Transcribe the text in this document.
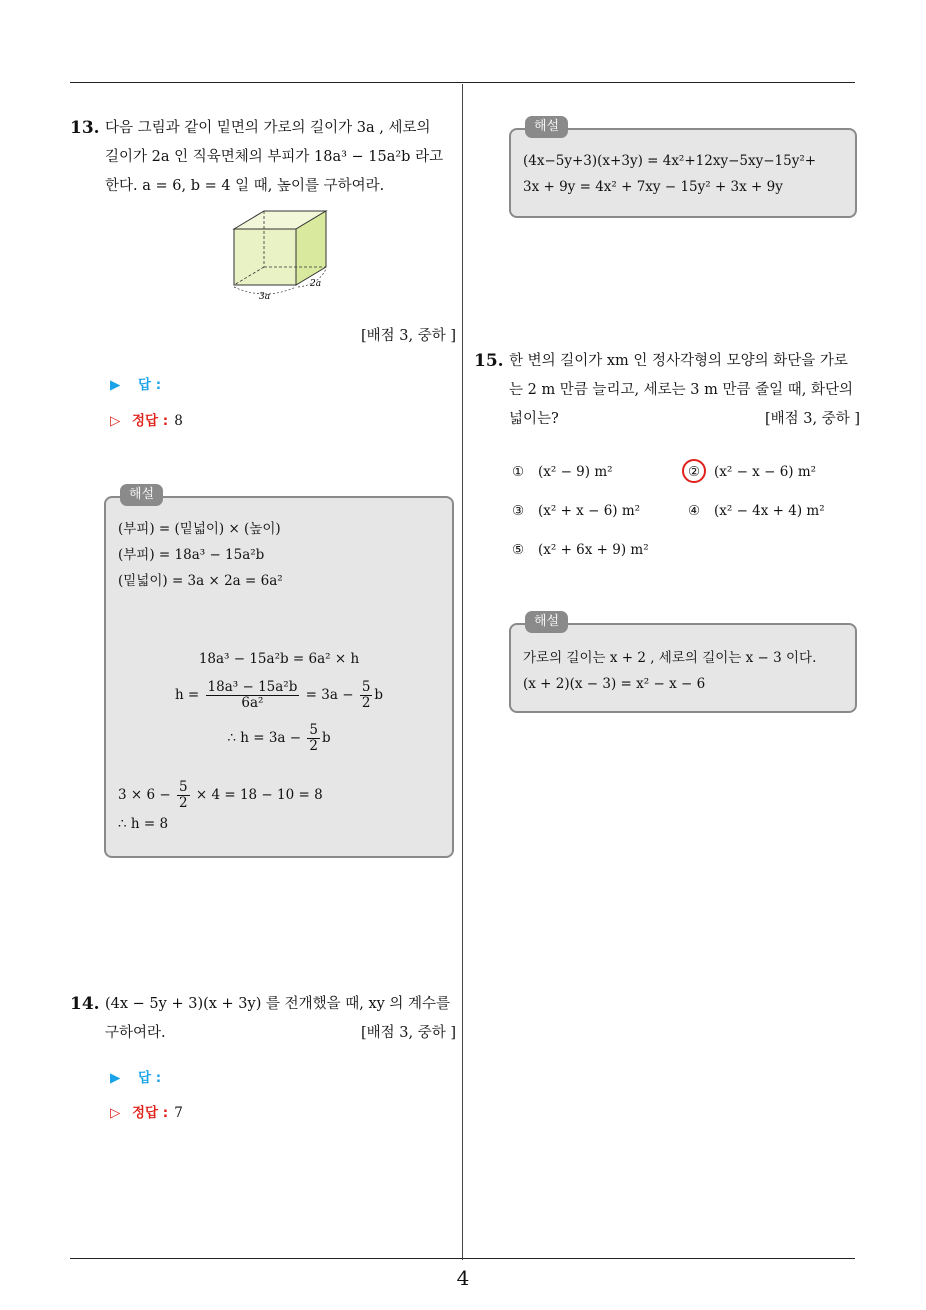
4
13. 다음 그림과 같이 밑면의 가로의 길이가 3a , 세로의
길이가 2a 인 직육면체의 부피가 18a³ − 15a²b 라고
한다. a = 6, b = 4 일 때, 높이를 구하여라.
3a
2a
[배점 3, 중하 ]
▶ 답 :
▷ 정답 : 8
해설
(부피) = (밑넓이) × (높이)
(부피) = 18a³ − 15a²b
(밑넓이) = 3a × 2a = 6a²
18a³ − 15a²b = 6a² × h
$h = \frac{\text{18a³ − 15a²b}}{\text{6a²}} = 3a - \frac{5}{2}$ b
∴ $h = 3a - \frac{5}{2}$ b
$3 \times 6 - \frac{5}{2} \times 4 = 18 - 10 = 8$
∴ h = 8
14. (4x − 5y + 3)(x + 3y) 를 전개했을 때, xy 의 계수를
구하여라.	[배점 3, 중하 ]
▶ 답 :
▷ 정답 : 7
해설
(4x−5y+3)(x+3y) = 4x²+12xy−5xy−15y²+
3x + 9y = 4x² + 7xy − 15y² + 3x + 9y
15. 한 변의 길이가 xm 인 정사각형의 모양의 화단을 가로
는 2 m 만큼 늘리고, 세로는 3 m 만큼 줄일 때, 화단의
넓이는?	[배점 3, 중하 ]
① (x² − 9) m²	② (x² − x − 6) m²
③ (x² + x − 6) m²	④ (x² − 4x + 4) m²
⑤ (x² + 6x + 9) m²
해설
가로의 길이는 x + 2 , 세로의 길이는 x − 3 이다.
(x + 2)(x − 3) = x² − x − 6
